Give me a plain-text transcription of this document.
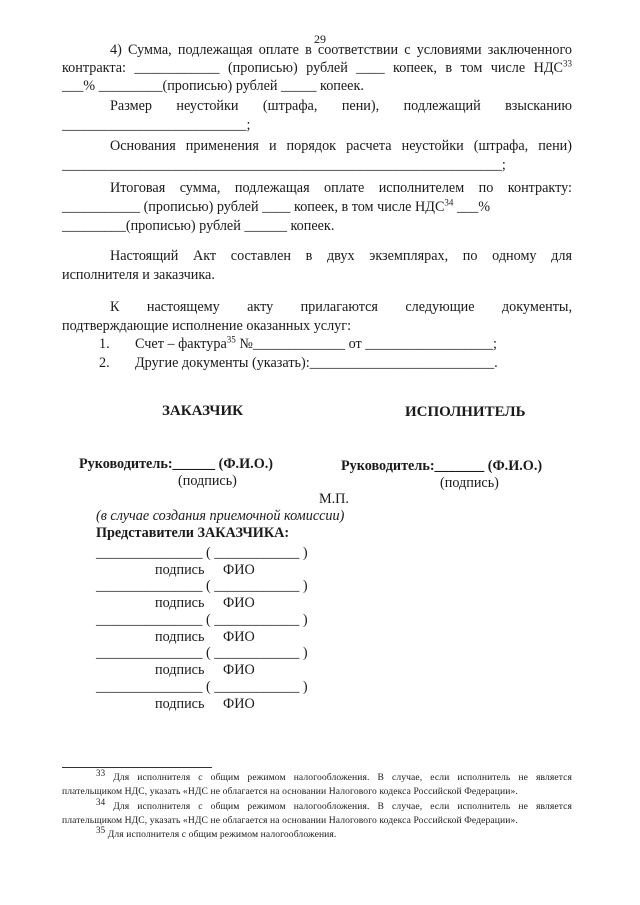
29
4) Сумма, подлежащая оплате в соответствии с условиями заключенного
контракта: ____________ (прописью) рублей ____ копеек, в том числе НДС$^{33}$
___% _________(прописью) рублей _____ копеек.
Размер неустойки (штрафа, пени), подлежащий взысканию
__________________________;
Основания применения и порядок расчета неустойки (штрафа, пени)
______________________________________________________________;
Итоговая сумма, подлежащая оплате исполнителем по контракту:
___________ (прописью) рублей ____ копеек, в том числе НДС$^{34}$ ___%
_________(прописью) рублей ______ копеек.
Настоящий Акт составлен в двух экземплярах, по одному для
исполнителя и заказчика.
К настоящему акту прилагаются следующие документы,
подтверждающие исполнение оказанных услуг:
1. Счет – фактура$^{35}$ №_____________ от __________________;
2. Другие документы (указать):__________________________.
ЗАКАЗЧИК	ИСПОЛНИТЕЛЬ
Руководитель:______ (Ф.И.О.)
(подпись)
Руководитель:_______ (Ф.И.О.)
(подпись)
М.П.
(в случае создания приемочной комиссии)
Представители ЗАКАЗЧИКА:
_______________ ( ____________ )
подпись ФИО
_______________ ( ____________ )
подпись ФИО
_______________ ( ____________ )
подпись ФИО
_______________ ( ____________ )
подпись ФИО
_______________ ( ____________ )
подпись ФИО
$^{33}$ Для исполнителя с общим режимом налогообложения. В случае, если исполнитель не является
плательщиком НДС, указать «НДС не облагается на основании Налогового кодекса Российской Федерации».
$^{34}$ Для исполнителя с общим режимом налогообложения. В случае, если исполнитель не является
плательщиком НДС, указать «НДС не облагается на основании Налогового кодекса Российской Федерации».
$^{35}$ Для исполнителя с общим режимом налогообложения.
